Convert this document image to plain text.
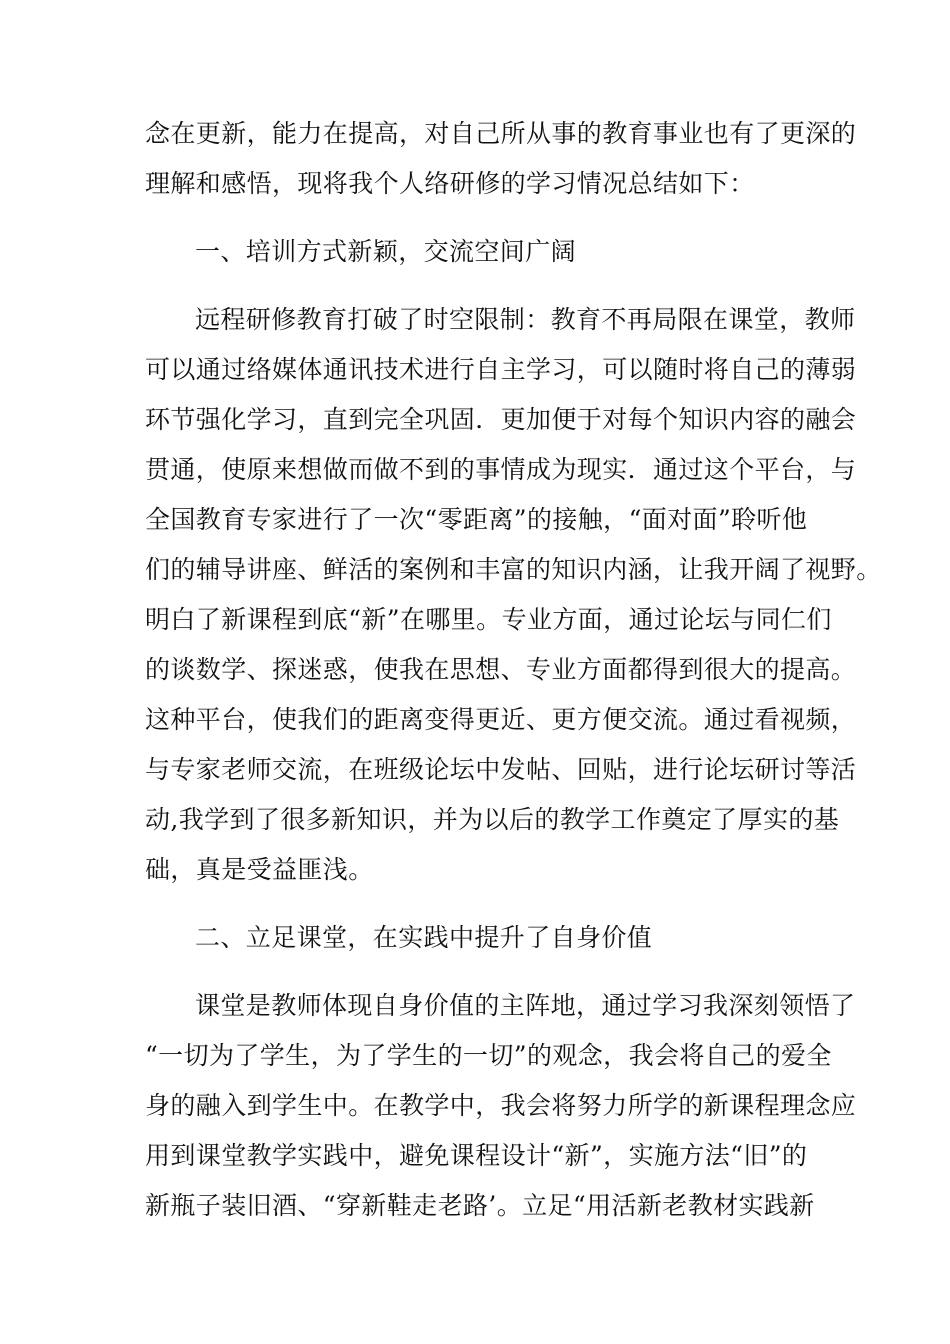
念在更新，能力在提高，对自己所从事的教育事业也有了更深的
理解和感悟，现将我个人络研修的学习情况总结如下：
一、培训方式新颖，交流空间广阔
远程研修教育打破了时空限制：教育不再局限在课堂，教师
可以通过络媒体通讯技术进行自主学习，可以随时将自己的薄弱
环节强化学习，直到完全巩固．更加便于对每个知识内容的融会
贯通，使原来想做而做不到的事情成为现实．通过这个平台，与
全国教育专家进行了一次“零距离”的接触，“面对面”聆听他
们的辅导讲座、鲜活的案例和丰富的知识内涵，让我开阔了视野。
明白了新课程到底“新”在哪里。专业方面，通过论坛与同仁们
的谈数学、探迷惑，使我在思想、专业方面都得到很大的提高。
这种平台，使我们的距离变得更近、更方便交流。通过看视频，
与专家老师交流，在班级论坛中发帖、回贴，进行论坛研讨等活
动,我学到了很多新知识，并为以后的教学工作奠定了厚实的基
础，真是受益匪浅。
二、立足课堂，在实践中提升了自身价值
课堂是教师体现自身价值的主阵地，通过学习我深刻领悟了
“一切为了学生，为了学生的一切”的观念，我会将自己的爱全
身的融入到学生中。在教学中，我会将努力所学的新课程理念应
用到课堂教学实践中，避免课程设计“新”，实施方法“旧”的
新瓶子装旧酒、“穿新鞋走老路’。立足“用活新老教材实践新
